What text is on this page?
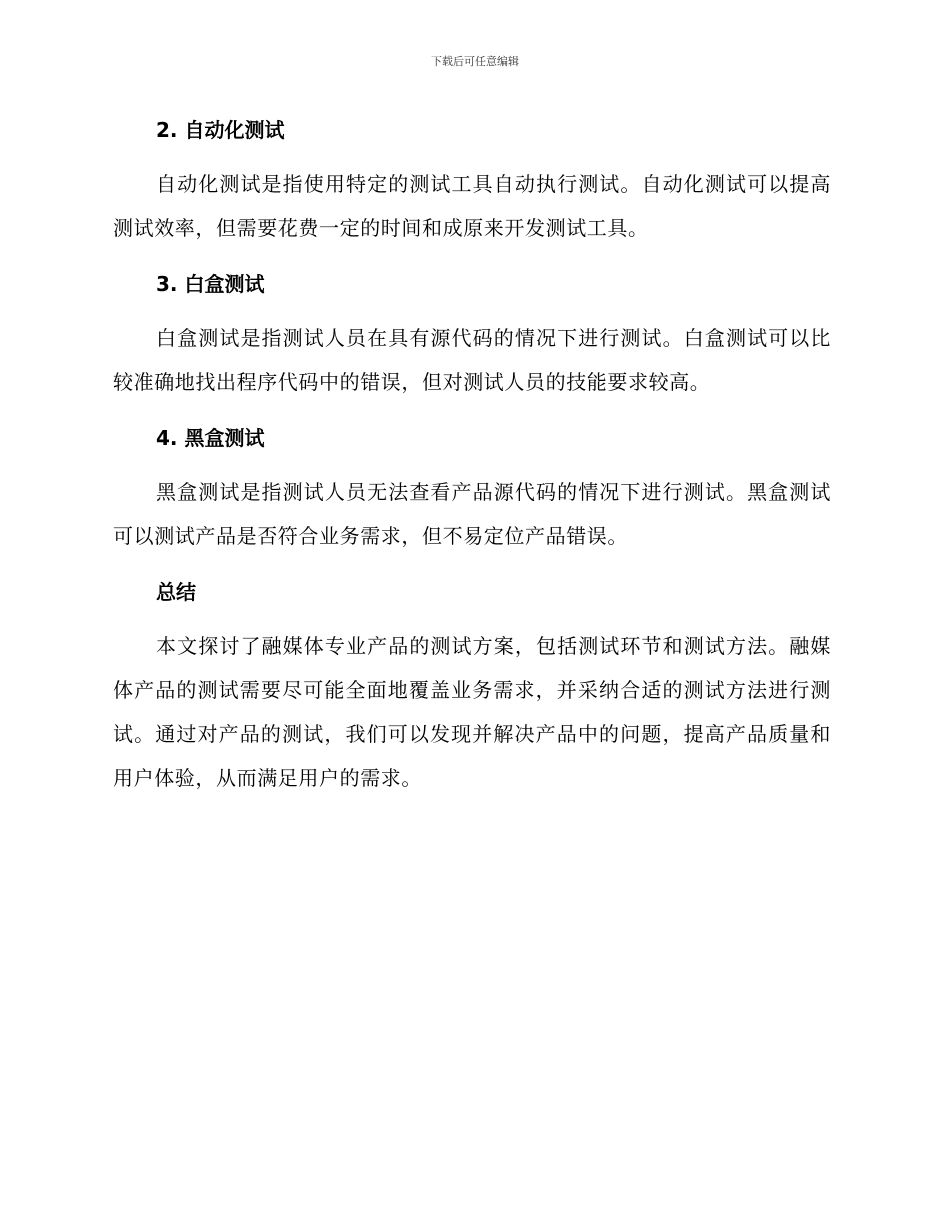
下载后可任意编辑
2. 自动化测试

自动化测试是指使用特定的测试工具自动执行测试。自动化测试可以提高测试效率，但需要花费一定的时间和成原来开发测试工具。

3. 白盒测试

白盒测试是指测试人员在具有源代码的情况下进行测试。白盒测试可以比较准确地找出程序代码中的错误，但对测试人员的技能要求较高。

4. 黑盒测试

黑盒测试是指测试人员无法查看产品源代码的情况下进行测试。黑盒测试可以测试产品是否符合业务需求，但不易定位产品错误。

总结

本文探讨了融媒体专业产品的测试方案，包括测试环节和测试方法。融媒体产品的测试需要尽可能全面地覆盖业务需求，并采纳合适的测试方法进行测试。通过对产品的测试，我们可以发现并解决产品中的问题，提高产品质量和用户体验，从而满足用户的需求。
